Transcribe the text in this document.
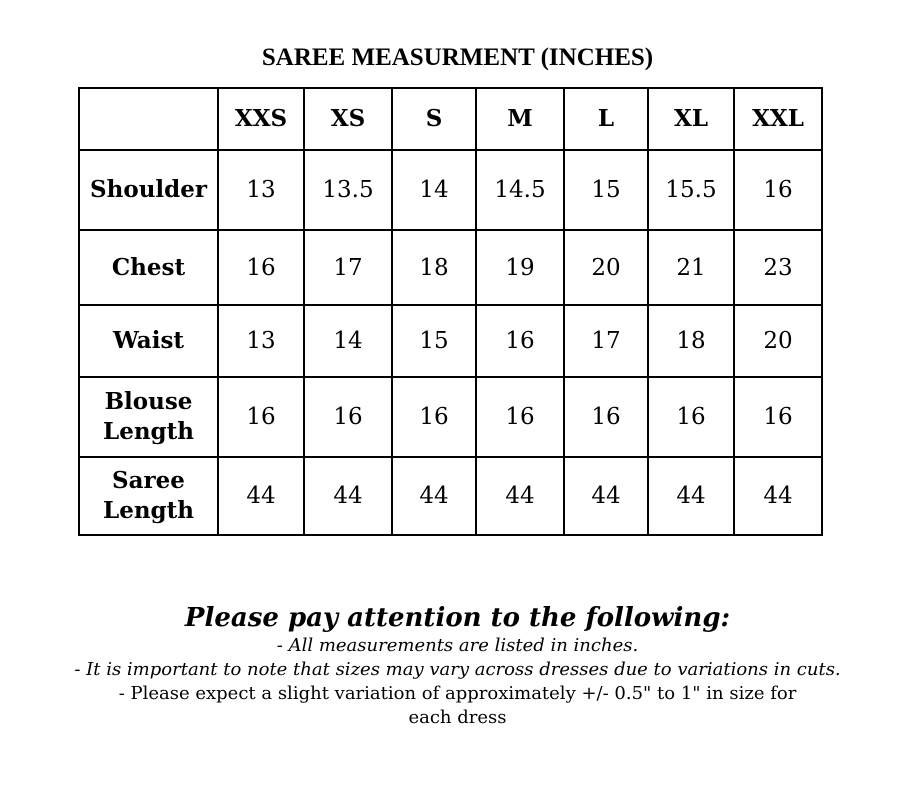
SAREE MEASURMENT (INCHES)
	XXS	XS	S	M	L	XL	XXL
Shoulder	13	13.5	14	14.5	15	15.5	16
Chest	16	17	18	19	20	21	23
Waist	13	14	15	16	17	18	20

Blouse
Length	16	16	16	16	16	16	16

Saree
Length	44	44	44	44	44	44	44
Please pay attention to the following:
- All measurements are listed in inches.
- It is important to note that sizes may vary across dresses due to variations in cuts.
- Please expect a slight variation of approximately +/- 0.5" to 1" in size for each dress
